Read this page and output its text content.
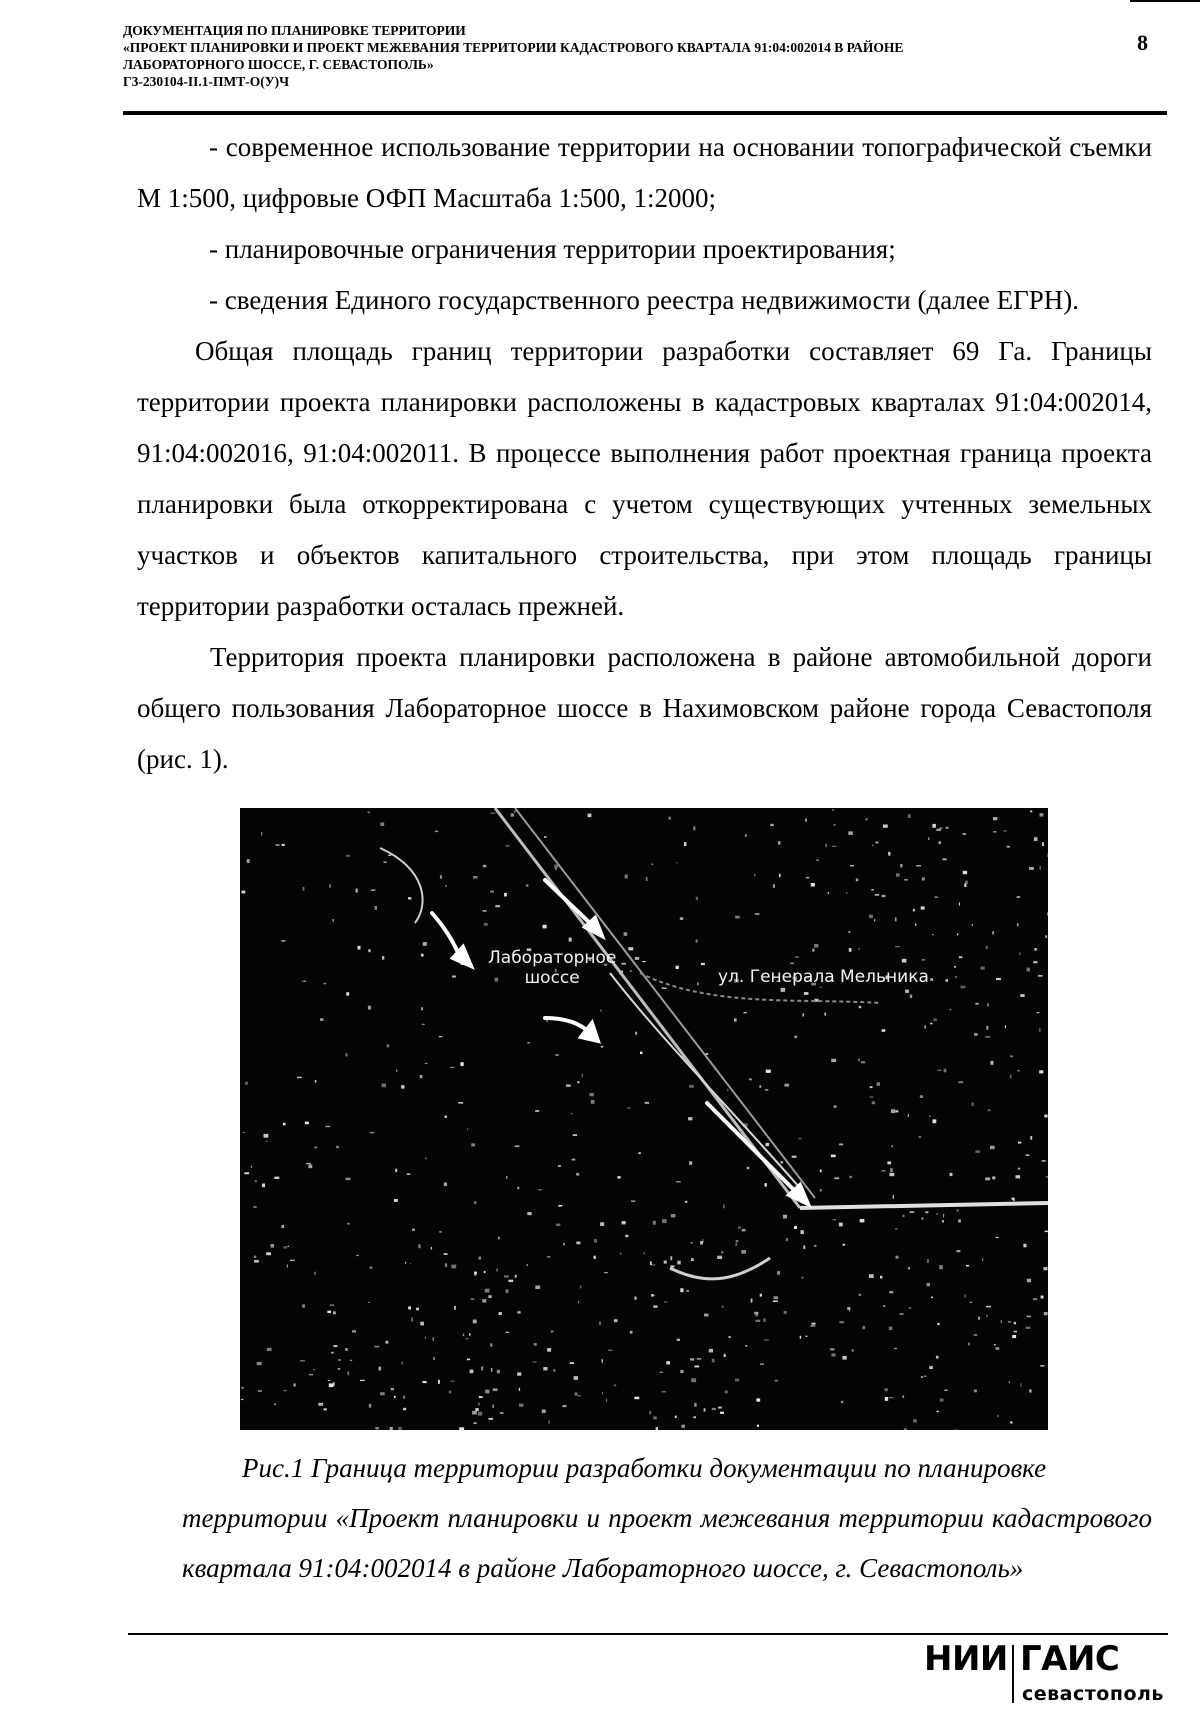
ДОКУМЕНТАЦИЯ ПО ПЛАНИРОВКЕ ТЕРРИТОРИИ
«ПРОЕКТ ПЛАНИРОВКИ И ПРОЕКТ МЕЖЕВАНИЯ ТЕРРИТОРИИ КАДАСТРОВОГО КВАРТАЛА 91:04:002014 В РАЙОНЕ
ЛАБОРАТОРНОГО ШОССЕ, Г. СЕВАСТОПОЛЬ»
Г3-230104-II.1-ПМТ-О(У)Ч
8

- современное использование территории на основании топографической съемки М 1:500, цифровые ОФП Масштаба 1:500, 1:2000;

- планировочные ограничения территории проектирования;

- сведения Единого государственного реестра недвижимости (далее ЕГРН).

Общая площадь границ территории разработки составляет 69 Га. Границы территории проекта планировки расположены в кадастровых кварталах 91:04:002014, 91:04:002016, 91:04:002011. В процессе выполнения работ проектная граница проекта планировки была откорректирована с учетом существующих учтенных земельных участков и объектов капитального строительства, при этом площадь границы территории разработки осталась прежней.

Территория проекта планировки расположена в районе автомобильной дороги общего пользования Лабораторное шоссе в Нахимовском районе города Севастополя (рис. 1).

Лабораторное
шоссе	ул. Генерала Мельника
Рис.1 Граница территории разработки документации по планировке
территории «Проект планировки и проект межевания территории кадастрового квартала 91:04:002014 в районе Лабораторного шоссе, г. Севастополь»
НИИ ГАИС
севастополь
